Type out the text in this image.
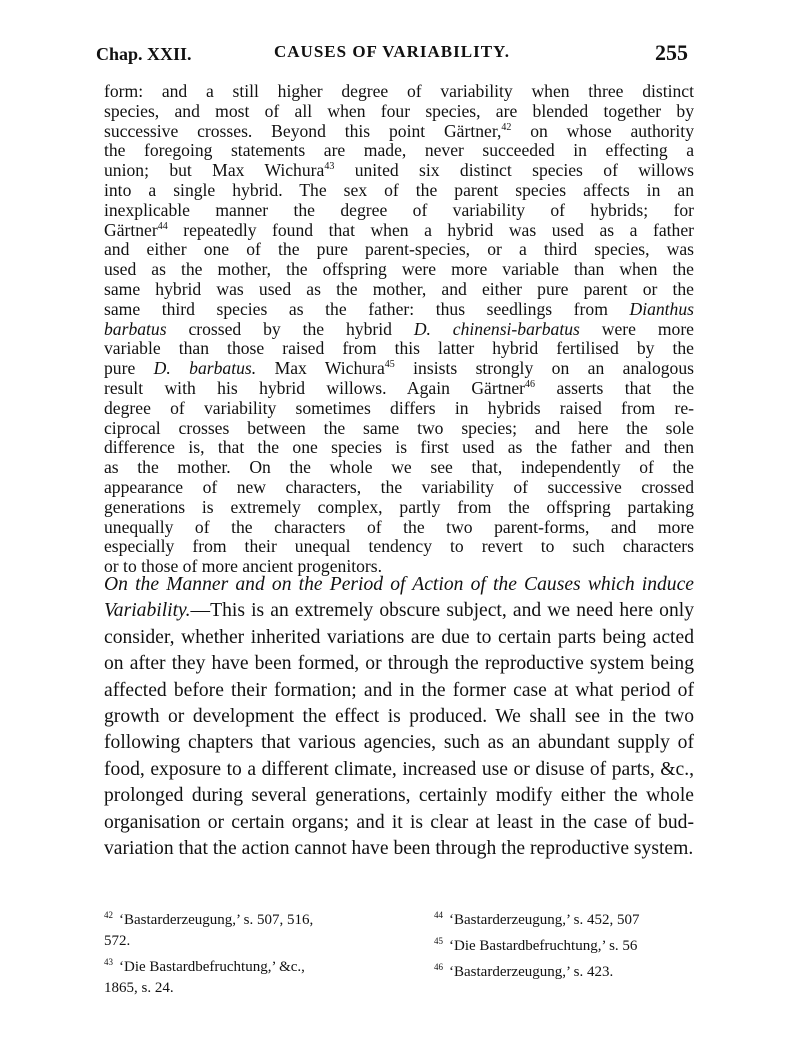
Chap. XXII.	CAUSES OF VARIABILITY.	255
form: and a still higher degree of variability when three distinct
species, and most of all when four species, are blended together by
successive crosses. Beyond this point Gärtner,$^{42}$ on whose authority
the foregoing statements are made, never succeeded in effecting a
union; but Max Wichura$^{43}$ united six distinct species of willows
into a single hybrid. The sex of the parent species affects in an
inexplicable manner the degree of variability of hybrids; for
Gärtner$^{44}$ repeatedly found that when a hybrid was used as a father
and either one of the pure parent-species, or a third species, was
used as the mother, the offspring were more variable than when the
same hybrid was used as the mother, and either pure parent or the
same third species as the father: thus seedlings from Dianthus
barbatus crossed by the hybrid D. chinensi-barbatus were more
variable than those raised from this latter hybrid fertilised by the
pure D. barbatus. Max Wichura$^{45}$ insists strongly on an analogous
result with his hybrid willows. Again Gärtner$^{46}$ asserts that the
degree of variability sometimes differs in hybrids raised from re-
ciprocal crosses between the same two species; and here the sole
difference is, that the one species is first used as the father and then
as the mother. On the whole we see that, independently of the
appearance of new characters, the variability of successive crossed
generations is extremely complex, partly from the offspring partaking
unequally of the characters of the two parent-forms, and more
especially from their unequal tendency to revert to such characters
or to those of more ancient progenitors.

On the Manner and on the Period of Action of the Causes which induce Variability.—This is an extremely obscure subject, and we need here only consider, whether inherited variations are due to certain parts being acted on after they have been formed, or through the reproductive system being affected before their formation; and in the former case at what period of growth or development the effect is produced. We shall see in the two following chapters that various agencies, such as an abundant supply of food, exposure to a different climate, increased use or disuse of parts, &c., prolonged during several generations, certainly modify either the whole organisation or certain organs; and it is clear at least in the case of bud-variation that the action cannot have been through the reproductive system.

$^{42}$ ‘Bastarderzeugung,’ s. 507, 516,
572.
$^{43}$ ‘Die Bastardbefruchtung,’ &c.,
1865, s. 24.
$^{44}$ ‘Bastarderzeugung,’ s. 452, 507
$^{45}$ ‘Die Bastardbefruchtung,’ s. 56
$^{46}$ ‘Bastarderzeugung,’ s. 423.
